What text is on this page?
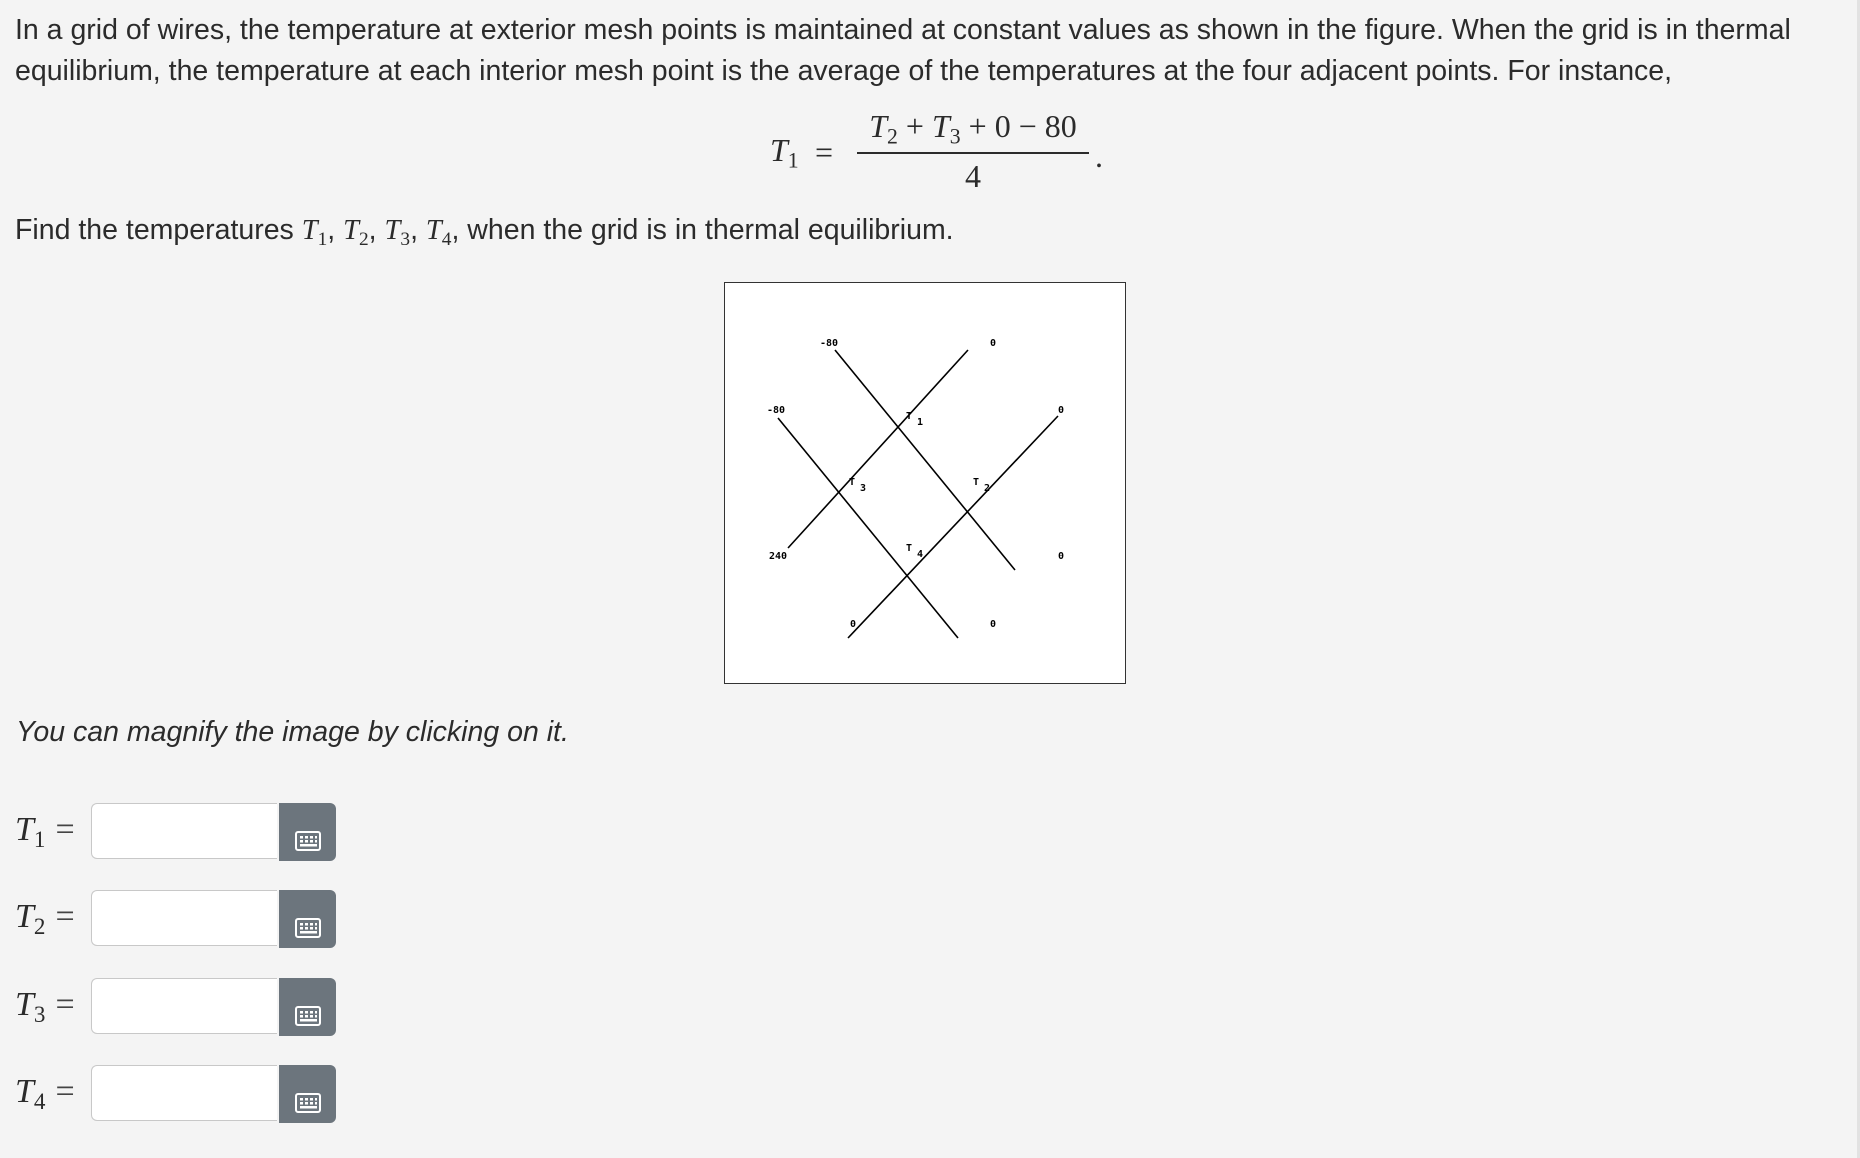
In a grid of wires, the temperature at exterior mesh points is maintained at constant values as shown in the figure. When the grid is in thermal equilibrium, the temperature at each interior mesh point is the average of the temperatures at the four adjacent points. For instance,

$T_1$ =
$T_2 + T_3 + 0 - 80$
4
.
Find the temperatures $T_1$, $T_2$, $T_3$, $T_4$, when the grid is in thermal equilibrium.
-80	0
-80	0
240	0
0	0
T
1
T
2
T
3
T
4
You can magnify the image by clicking on it.
$T_1$ =
$T_2$ =
$T_3$ =
$T_4$ =
